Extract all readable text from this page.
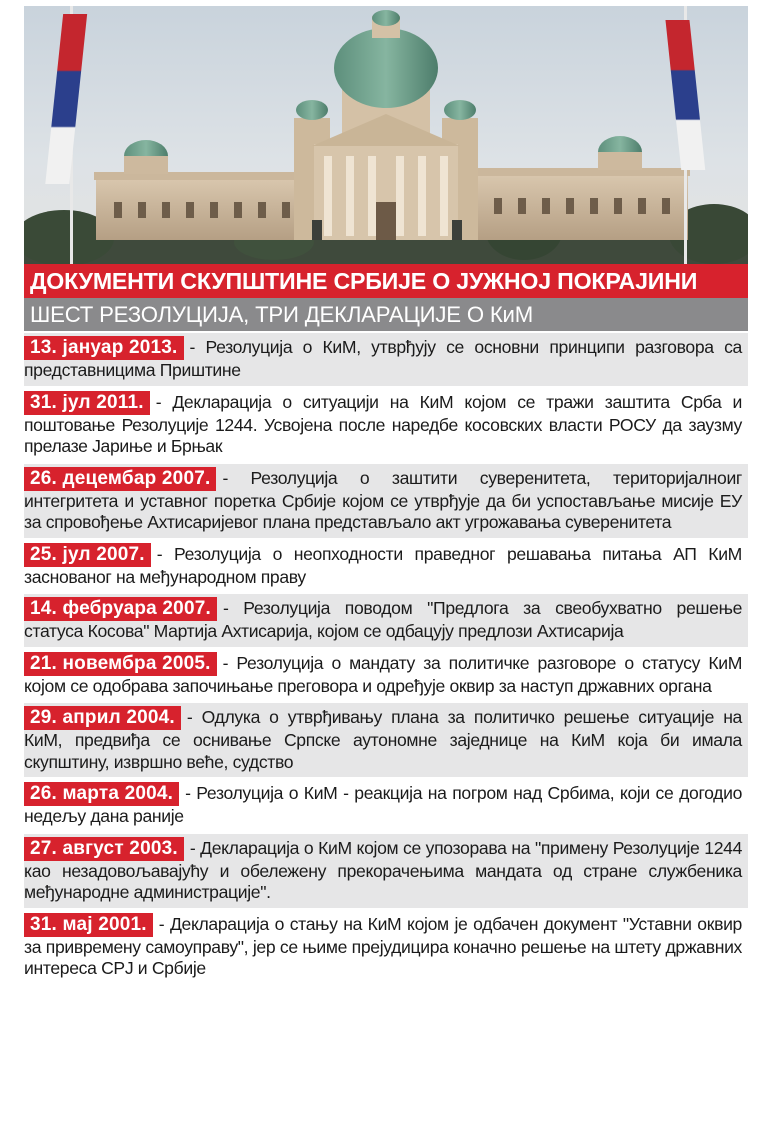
ДОКУМЕНТИ СКУПШТИНЕ СРБИЈЕ О ЈУЖНОЈ ПОКРАЈИНИ
ШЕСТ РЕЗОЛУЦИЈА, ТРИ ДЕКЛАРАЦИЈЕ О КиМ
13. јануар 2013. - Резолуција о КиМ, утврђују се основни принципи разговора са представницима Приштине
31. јул 2011. - Декларација о ситуацији на КиМ којом се тражи заштита Срба и поштовање Резолуције 1244. Усвојена после наредбе косовских власти РОСУ да заузму прелазе Јариње и Брњак
26. децембар 2007. - Резолуција о заштити суверенитета, територијалноиг интегритета и уставног поретка Србије којом се утврђује да би успостављање мисије ЕУ за спровођење Ахтисаријевог плана представљало акт угрожавања суверенитета
25. јул 2007. - Резолуција о неопходности праведног решавања питања АП КиМ заснованог на међународном праву
14. фебруара 2007. - Резолуција поводом "Предлога за свеобухватно решење статуса Косова" Мартија Ахтисарија, којом се одбацују предлози Ахтисарија
21. новембра 2005. - Резолуција о мандату за политичке разговоре о статусу КиМ којом се одобрава започињање преговора и одређује оквир за наступ државних органа
29. април 2004. - Одлука о утврђивању плана за политичко решење ситуације на КиМ, предвиђа се оснивање Српске аутономне заједнице на КиМ која би имала скупштину, извршно веће, судство
26. марта 2004. - Резолуција о КиМ - реакција на погром над Србима, који се догодио недељу дана раније
27. август 2003. - Декларација о КиМ којом се упозорава на "примену Резолуције 1244 као незадовољавајућу и обележену прекорачењима мандата од стране службеника међународне администрације".
31. мај 2001. - Декларација о стању на КиМ којом је одбачен документ "Уставни оквир за привремену самоуправу", јер се њиме прејудицира коначно решење на штету државних интереса СРЈ и Србије
